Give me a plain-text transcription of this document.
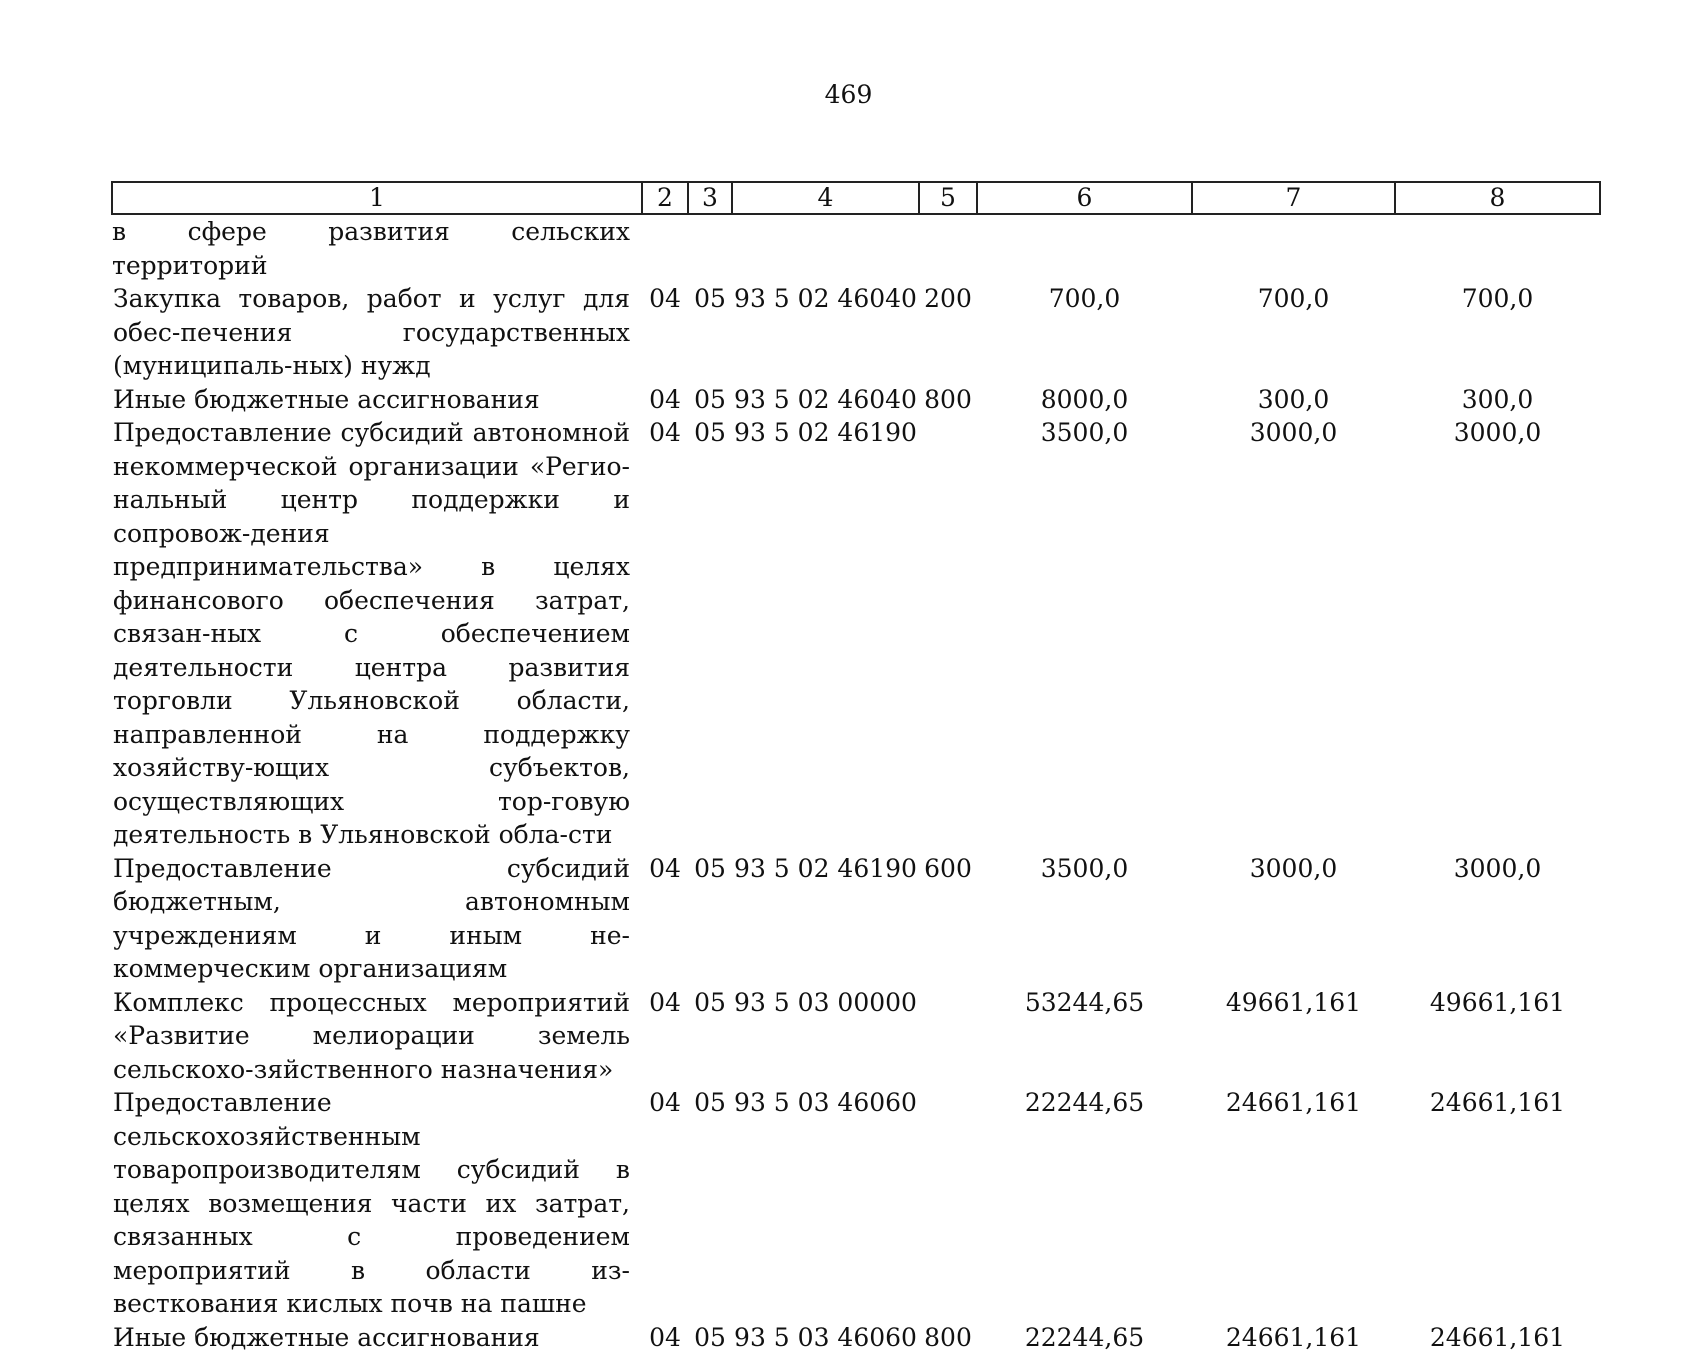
469
1	2	3	4	5	6	7	8
в сфере развития сельских территорий							
Закупка товаров, работ и услуг для обес-печения государственных (муниципаль-ных) нужд	04	05	93 5 02 46040	200	700,0	700,0	700,0
Иные бюджетные ассигнования	04	05	93 5 02 46040	800	8000,0	300,0	300,0
Предоставление субсидий автономной некоммерческой организации «Регио-нальный центр поддержки и сопровож-дения предпринимательства» в целях финансового обеспечения затрат, связан-ных с обеспечением деятельности центра развития торговли Ульяновской области, направленной на поддержку хозяйству-ющих субъектов, осуществляющих тор-говую деятельность в Ульяновской обла-сти	04	05	93 5 02 46190		3500,0	3000,0	3000,0
Предоставление субсидий бюджетным, автономным учреждениям и иным не-коммерческим организациям	04	05	93 5 02 46190	600	3500,0	3000,0	3000,0
Комплекс процессных мероприятий «Развитие мелиорации земель сельскохо-зяйственного назначения»	04	05	93 5 03 00000		53244,65	49661,161	49661,161
Предоставление сельскохозяйственным товаропроизводителям субсидий в целях возмещения части их затрат, связанных с проведением мероприятий в области из-весткования кислых почв на пашне	04	05	93 5 03 46060		22244,65	24661,161	24661,161
Иные бюджетные ассигнования	04	05	93 5 03 46060	800	22244,65	24661,161	24661,161
